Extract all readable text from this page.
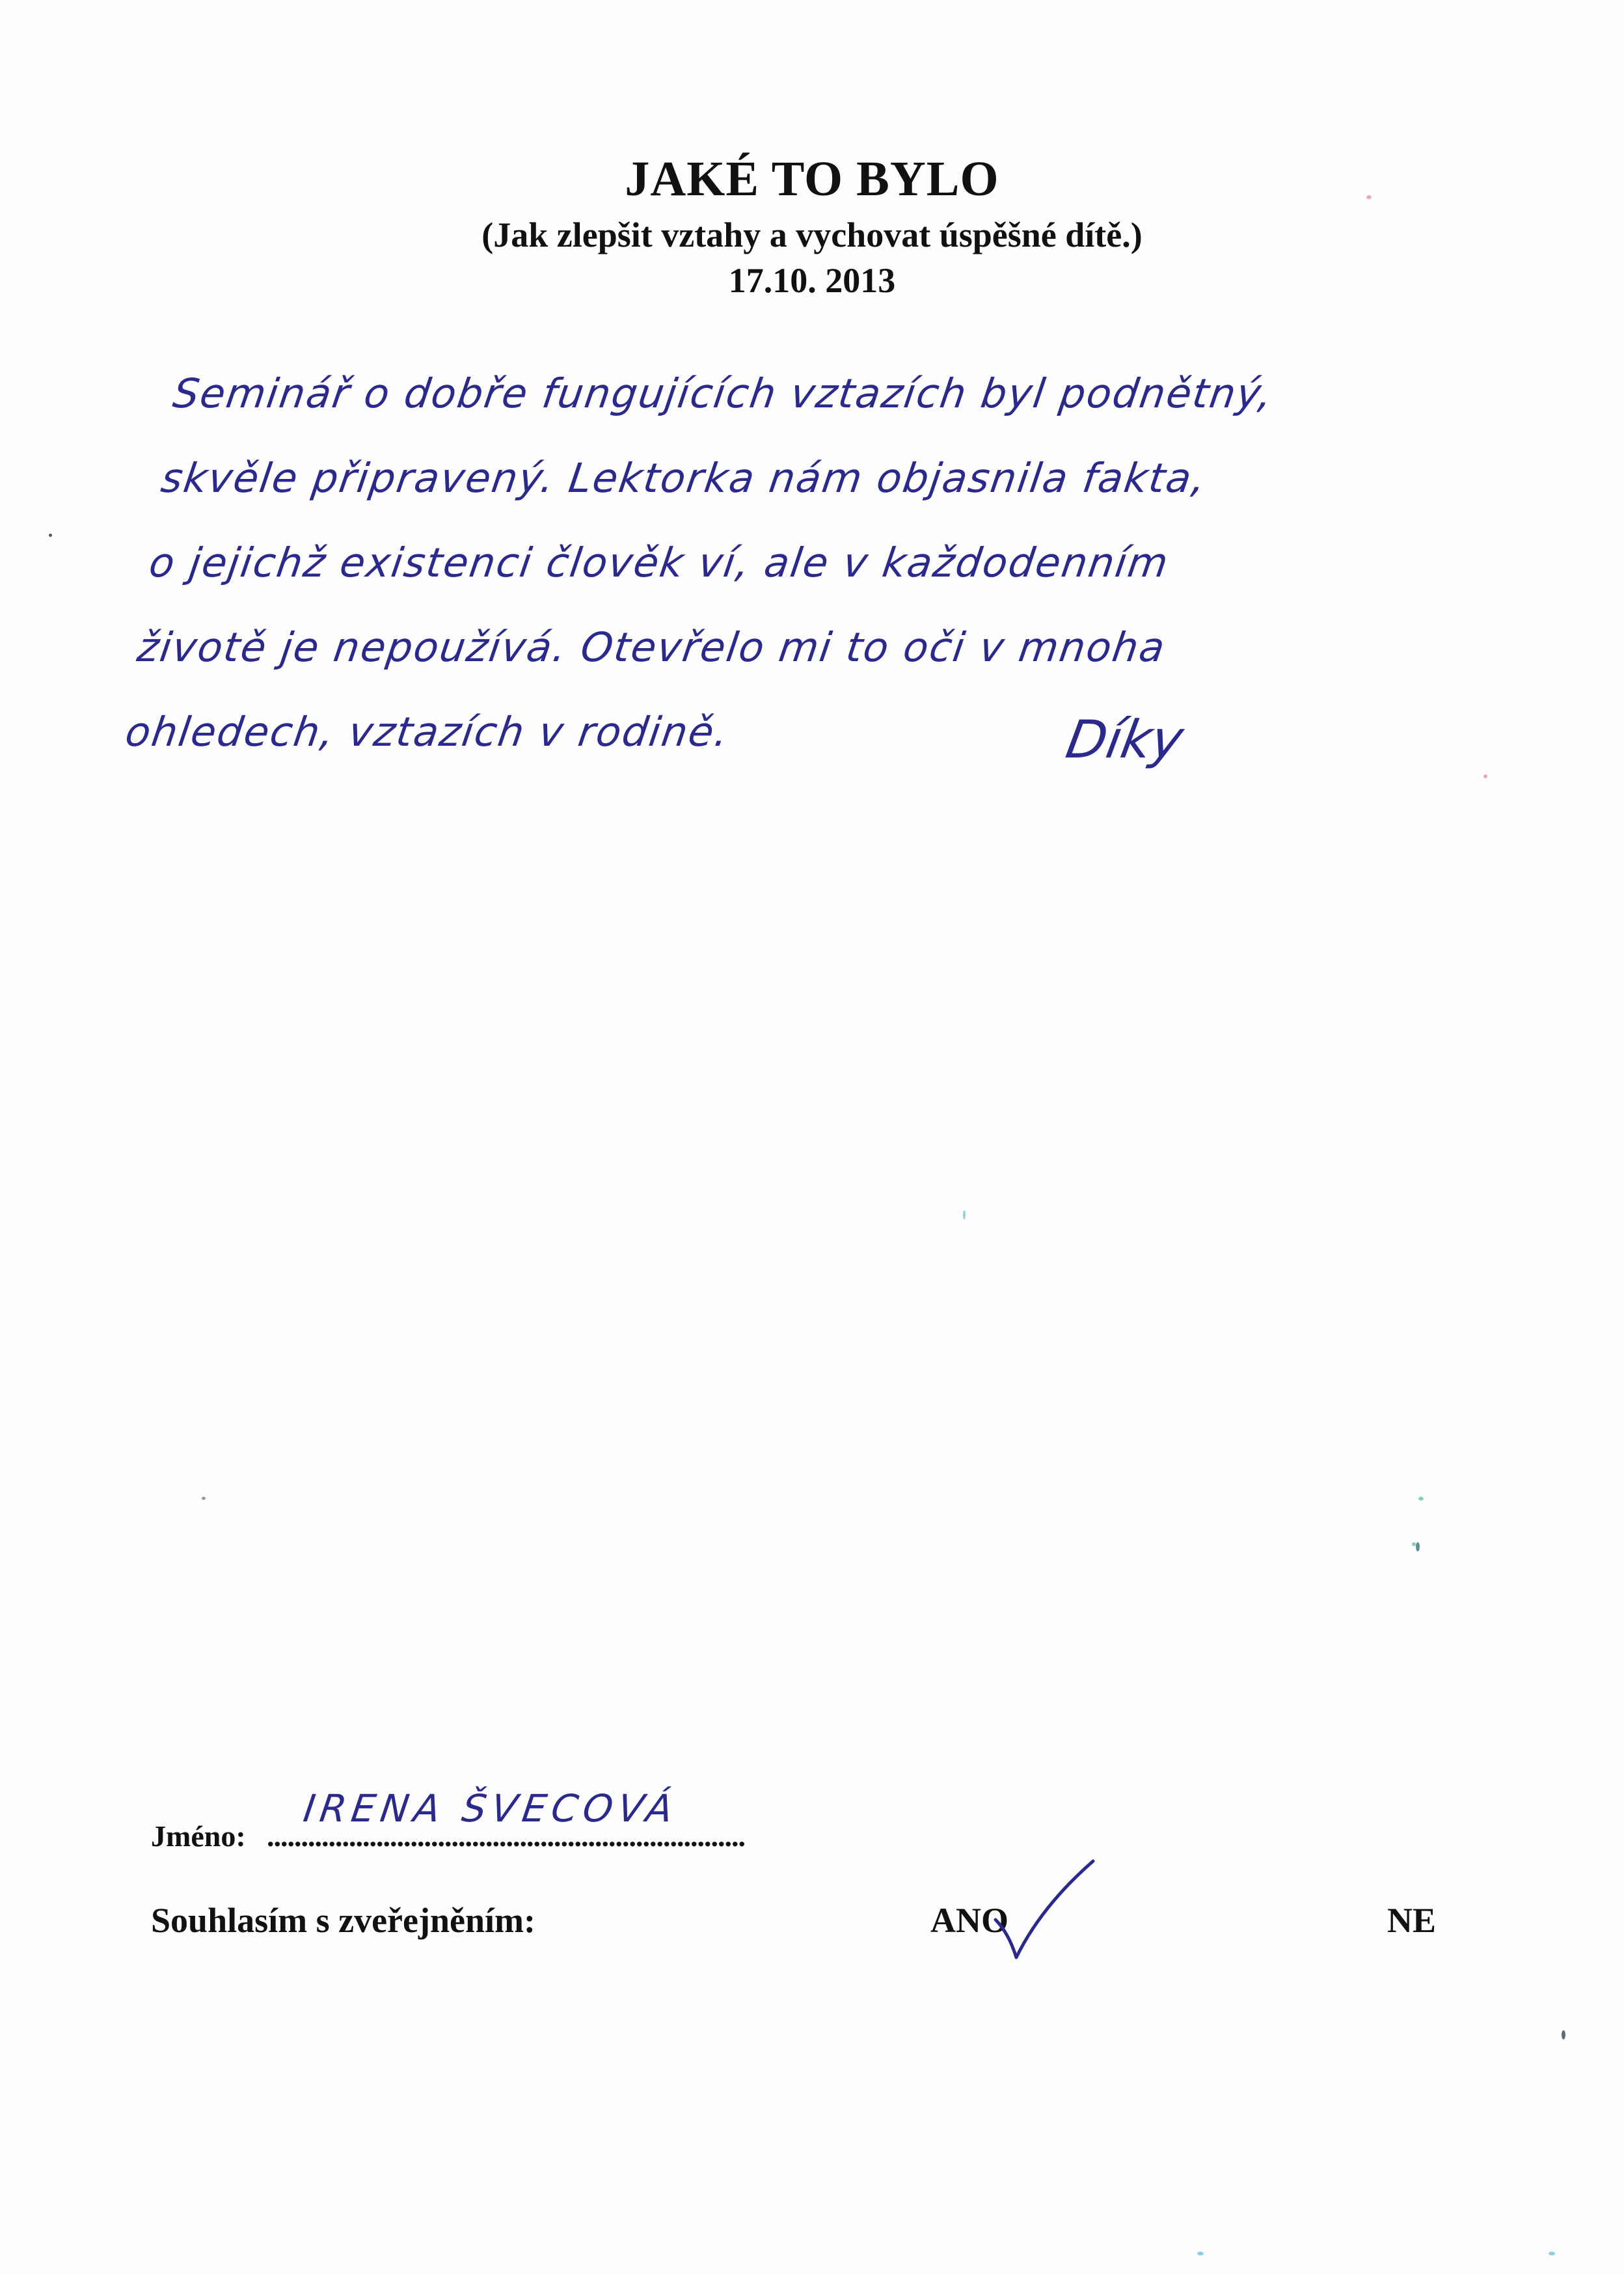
JAKÉ TO BYLO
(Jak zlepšit vztahy a vychovat úspěšné dítě.)
17.10. 2013
Seminář o dobře fungujících vztazích byl podnětný,
skvěle připravený. Lektorka nám objasnila fakta,
o jejichž existenci člověk ví, ale v každodenním
životě je nepoužívá. Otevřelo mi to oči v mnoha
ohledech, vztazích v rodině.	Díky
Jméno: ......................................................................
IRENA ŠVECOVÁ
Souhlasím s zveřejněním:	ANO	NE
